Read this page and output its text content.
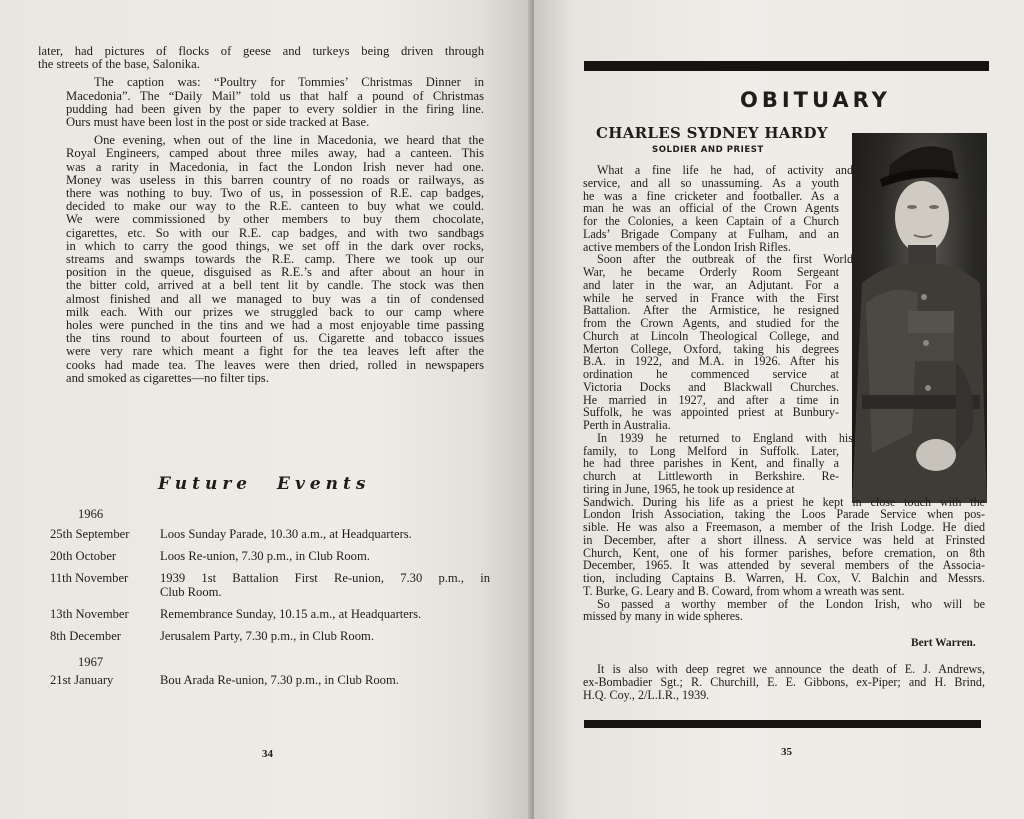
later, had pictures of flocks of geese and turkeys being driven through
the streets of the base, Salonika.

The caption was: “Poultry for Tommies’ Christmas Dinner in
Macedonia”. The “Daily Mail” told us that half a pound of Christmas
pudding had been given by the paper to every soldier in the firing line.
Ours must have been lost in the post or side tracked at Base.

One evening, when out of the line in Macedonia, we heard that the
Royal Engineers, camped about three miles away, had a canteen. This
was a rarity in Macedonia, in fact the London Irish never had one.
Money was useless in this barren country of no roads or railways, as
there was nothing to buy. Two of us, in possession of R.E. cap badges,
decided to make our way to the R.E. canteen to buy what we could.
We were commissioned by other members to buy them chocolate,
cigarettes, etc. So with our R.E. cap badges, and with two sandbags
in which to carry the good things, we set off in the dark over rocks,
streams and swamps towards the R.E. camp. There we took up our
position in the queue, disguised as R.E.’s and after about an hour in
the bitter cold, arrived at a bell tent lit by candle. The stock was then
almost finished and all we managed to buy was a tin of condensed
milk each. With our prizes we struggled back to our camp where
holes were punched in the tins and we had a most enjoyable time passing
the tins round to about fourteen of us. Cigarette and tobacco issues
were very rare which meant a fight for the tea leaves left after the
cooks had made tea. The leaves were then dried, rolled in newspapers
and smoked as cigarettes—no filter tips.

Future Events
1966
1967
25th September	Loos Sunday Parade, 10.30 a.m., at Headquarters.
20th October	Loos Re-union, 7.30 p.m., in Club Room.
11th November	1939 1st Battalion First Re-union, 7.30 p.m., in
Club Room.
13th November	Remembrance Sunday, 10.15 a.m., at Headquarters.
8th December	Jerusalem Party, 7.30 p.m., in Club Room.
21st January	Bou Arada Re-union, 7.30 p.m., in Club Room.
34
OBITUARY
CHARLES SYDNEY HARDY
SOLDIER AND PRIEST
What a fine life he had, of activity and
service, and all so unassuming. As a youth
he was a fine cricketer and footballer. As a
man he was an official of the Crown Agents
for the Colonies, a keen Captain of a Church
Lads’ Brigade Company at Fulham, and an
active members of the London Irish Rifles.
Soon after the outbreak of the first World
War, he became Orderly Room Sergeant
and later in the war, an Adjutant. For a
while he served in France with the First
Battalion. After the Armistice, he resigned
from the Crown Agents, and studied for the
Church at Lincoln Theological College, and
Merton College, Oxford, taking his degrees
B.A. in 1922, and M.A. in 1926. After his
ordination he commenced service at
Victoria Docks and Blackwall Churches.
He married in 1927, and after a time in
Suffolk, he was appointed priest at Bunbury-
Perth in Australia.
In 1939 he returned to England with his
family, to Long Melford in Suffolk. Later,
he had three parishes in Kent, and finally a
church at Littleworth in Berkshire. Re-
tiring in June, 1965, he took up residence at
Sandwich. During his life as a priest he kept in close touch with the
London Irish Association, taking the Loos Parade Service when pos-
sible. He was also a Freemason, a member of the Irish Lodge. He died
in December, after a short illness. A service was held at Frinsted
Church, Kent, one of his former parishes, before cremation, on 8th
December, 1965. It was attended by several members of the Associa-
tion, including Captains B. Warren, H. Cox, V. Balchin and Messrs.
T. Burke, G. Leary and B. Coward, from whom a wreath was sent.
So passed a worthy member of the London Irish, who will be
missed by many in wide spheres.
Bert Warren.
It is also with deep regret we announce the death of E. J. Andrews,
ex-Bombadier Sgt.; R. Churchill, E. E. Gibbons, ex-Piper; and H. Brind,
H.Q. Coy., 2/L.I.R., 1939.
35
